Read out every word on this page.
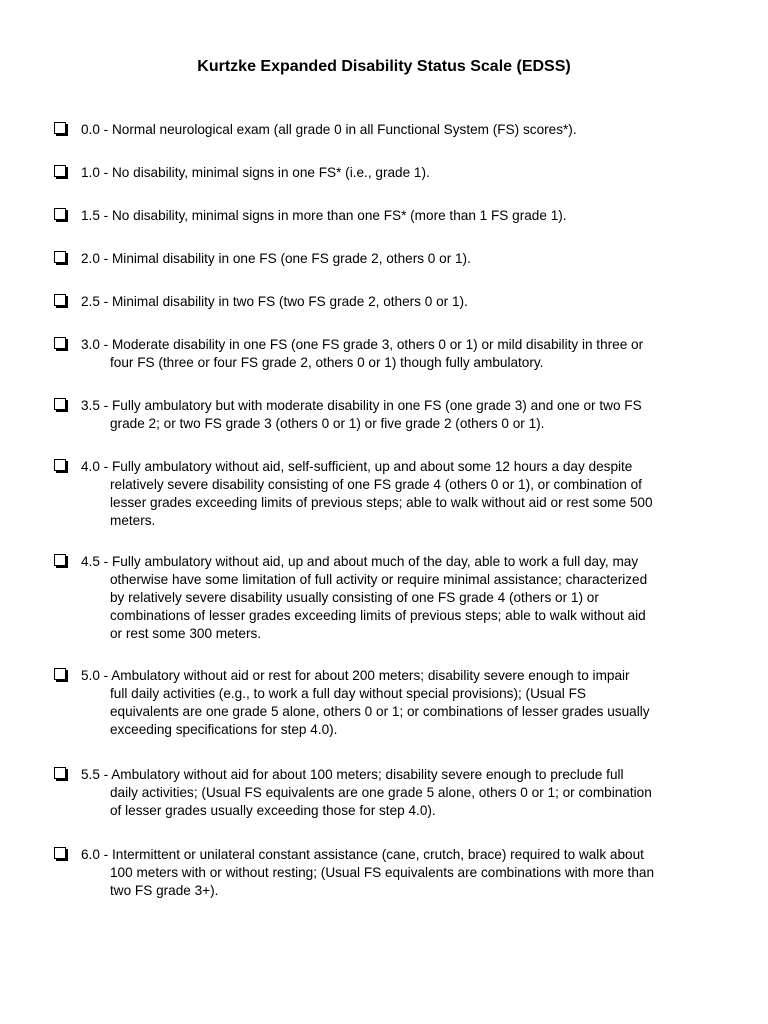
Kurtzke Expanded Disability Status Scale (EDSS)
0.0 - Normal neurological exam (all grade 0 in all Functional System (FS) scores*).
1.0 - No disability, minimal signs in one FS* (i.e., grade 1).
1.5 - No disability, minimal signs in more than one FS* (more than 1 FS grade 1).
2.0 - Minimal disability in one FS (one FS grade 2, others 0 or 1).
2.5 - Minimal disability in two FS (two FS grade 2, others 0 or 1).
3.0 - Moderate disability in one FS (one FS grade 3, others 0 or 1) or mild disability in three or
four FS (three or four FS grade 2, others 0 or 1) though fully ambulatory.
3.5 - Fully ambulatory but with moderate disability in one FS (one grade 3) and one or two FS
grade 2; or two FS grade 3 (others 0 or 1) or five grade 2 (others 0 or 1).
4.0 - Fully ambulatory without aid, self-sufficient, up and about some 12 hours a day despite
relatively severe disability consisting of one FS grade 4 (others 0 or 1), or combination of
lesser grades exceeding limits of previous steps; able to walk without aid or rest some 500
meters.
4.5 - Fully ambulatory without aid, up and about much of the day, able to work a full day, may
otherwise have some limitation of full activity or require minimal assistance; characterized
by relatively severe disability usually consisting of one FS grade 4 (others or 1) or
combinations of lesser grades exceeding limits of previous steps; able to walk without aid
or rest some 300 meters.
5.0 - Ambulatory without aid or rest for about 200 meters; disability severe enough to impair
full daily activities (e.g., to work a full day without special provisions); (Usual FS
equivalents are one grade 5 alone, others 0 or 1; or combinations of lesser grades usually
exceeding specifications for step 4.0).
5.5 - Ambulatory without aid for about 100 meters; disability severe enough to preclude full
daily activities; (Usual FS equivalents are one grade 5 alone, others 0 or 1; or combination
of lesser grades usually exceeding those for step 4.0).
6.0 - Intermittent or unilateral constant assistance (cane, crutch, brace) required to walk about
100 meters with or without resting; (Usual FS equivalents are combinations with more than
two FS grade 3+).
